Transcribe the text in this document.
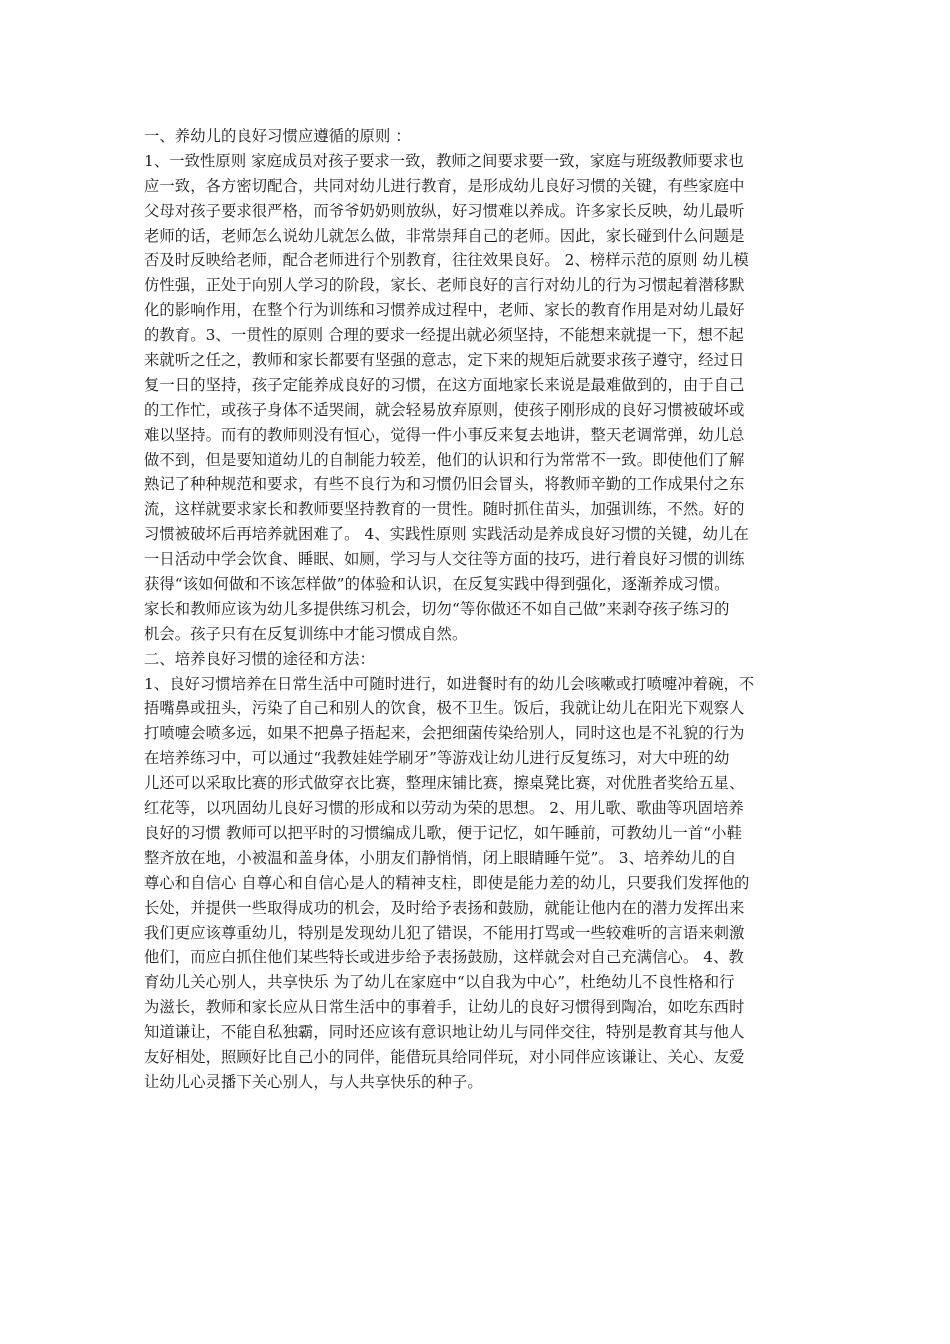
一、养幼儿的良好习惯应遵循的原则 ：
1、一致性原则 家庭成员对孩子要求一致，教师之间要求要一致，家庭与班级教师要求也
应一致，各方密切配合，共同对幼儿进行教育，是形成幼儿良好习惯的关键，有些家庭中
父母对孩子要求很严格，而爷爷奶奶则放纵，好习惯难以养成。许多家长反映，幼儿最听
老师的话，老师怎么说幼儿就怎么做，非常崇拜自己的老师。因此，家长碰到什么问题是
否及时反映给老师，配合老师进行个别教育，往往效果良好。 2、榜样示范的原则 幼儿模
仿性强，正处于向别人学习的阶段，家长、老师良好的言行对幼儿的行为习惯起着潜移默
化的影响作用，在整个行为训练和习惯养成过程中，老师、家长的教育作用是对幼儿最好
的教育。3、一贯性的原则 合理的要求一经提出就必须坚持，不能想来就提一下，想不起
来就听之任之，教师和家长都要有坚强的意志，定下来的规矩后就要求孩子遵守，经过日
复一日的坚持，孩子定能养成良好的习惯，在这方面地家长来说是最难做到的，由于自己
的工作忙，或孩子身体不适哭闹，就会轻易放弃原则，使孩子刚形成的良好习惯被破坏或
难以坚持。而有的教师则没有恒心，觉得一件小事反来复去地讲，整天老调常弹，幼儿总
做不到，但是要知道幼儿的自制能力较差，他们的认识和行为常常不一致。即使他们了解
熟记了种种规范和要求，有些不良行为和习惯仍旧会冒头，将教师辛勤的工作成果付之东
流，这样就要求家长和教师要坚持教育的一贯性。随时抓住苗头，加强训练，不然。好的
习惯被破坏后再培养就困难了。 4、实践性原则 实践活动是养成良好习惯的关键，幼儿在
一日活动中学会饮食、睡眠、如厕，学习与人交往等方面的技巧，进行着良好习惯的训练
获得“该如何做和不该怎样做”的体验和认识，在反复实践中得到强化，逐渐养成习惯。
家长和教师应该为幼儿多提供练习机会，切勿“等你做还不如自己做”来剥夺孩子练习的
机会。孩子只有在反复训练中才能习惯成自然。
二、培养良好习惯的途径和方法：
1、良好习惯培养在日常生活中可随时进行，如进餐时有的幼儿会咳嗽或打喷嚏冲着碗，不
捂嘴鼻或扭头，污染了自己和别人的饮食，极不卫生。饭后，我就让幼儿在阳光下观察人
打喷嚏会喷多远，如果不把鼻子捂起来，会把细菌传染给别人，同时这也是不礼貌的行为
在培养练习中，可以通过“我教娃娃学刷牙”等游戏让幼儿进行反复练习，对大中班的幼
儿还可以采取比赛的形式做穿衣比赛，整理床铺比赛，擦桌凳比赛，对优胜者奖给五星、
红花等，以巩固幼儿良好习惯的形成和以劳动为荣的思想。 2、用儿歌、歌曲等巩固培养
良好的习惯 教师可以把平时的习惯编成儿歌，便于记忆，如午睡前，可教幼儿一首“小鞋
整齐放在地，小被温和盖身体，小朋友们静悄悄，闭上眼睛睡午觉”。 3、培养幼儿的自
尊心和自信心 自尊心和自信心是人的精神支柱，即使是能力差的幼儿，只要我们发挥他的
长处，并提供一些取得成功的机会，及时给予表扬和鼓励，就能让他内在的潜力发挥出来
我们更应该尊重幼儿，特别是发现幼儿犯了错误，不能用打骂或一些较难听的言语来刺激
他们，而应白抓住他们某些特长或进步给予表扬鼓励，这样就会对自己充满信心。 4、教
育幼儿关心别人，共享快乐 为了幼儿在家庭中“以自我为中心”，杜绝幼儿不良性格和行
为滋长，教师和家长应从日常生活中的事着手，让幼儿的良好习惯得到陶冶，如吃东西时
知道谦让，不能自私独霸，同时还应该有意识地让幼儿与同伴交往，特别是教育其与他人
友好相处，照顾好比自己小的同伴，能借玩具给同伴玩，对小同伴应该谦让、关心、友爱
让幼儿心灵播下关心别人，与人共享快乐的种子。
